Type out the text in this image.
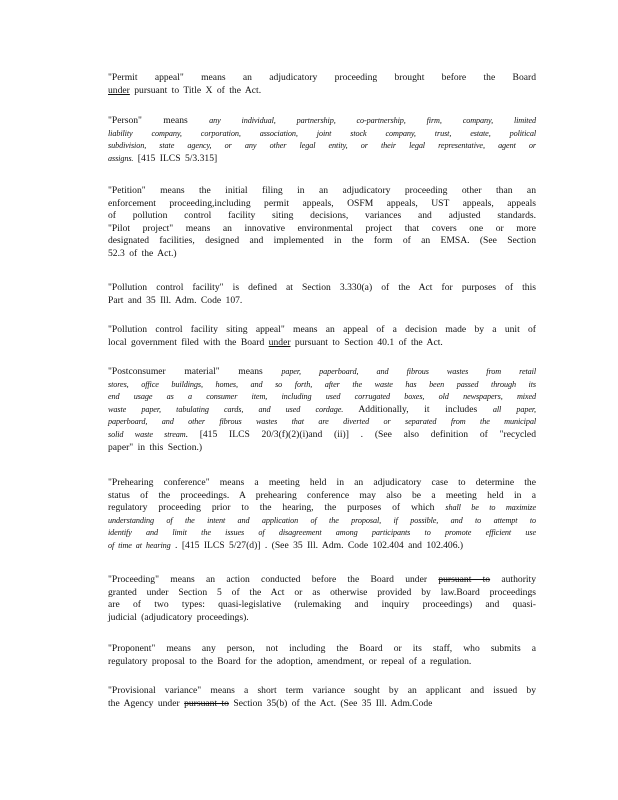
"Permit appeal" means an adjudicatory proceeding brought before the Board
under pursuant to Title X of the Act.
"Person" means any individual, partnership, co-partnership, firm, company, limited
liability company, corporation, association, joint stock company, trust, estate, political
subdivision, state agency, or any other legal entity, or their legal representative, agent or
assigns. [415 ILCS 5/3.315]
"Petition" means the initial filing in an adjudicatory proceeding other than an
enforcement proceeding,including permit appeals, OSFM appeals, UST appeals, appeals
of pollution control facility siting decisions, variances and adjusted standards.
"Pilot project" means an innovative environmental project that covers one or more
designated facilities, designed and implemented in the form of an EMSA. (See Section
52.3 of the Act.)
"Pollution control facility" is defined at Section 3.330(a) of the Act for purposes of this
Part and 35 Ill. Adm. Code 107.
"Pollution control facility siting appeal" means an appeal of a decision made by a unit of
local government filed with the Board under pursuant to Section 40.1 of the Act.
"Postconsumer material" means paper, paperboard, and fibrous wastes from retail
stores, office buildings, homes, and so forth, after the waste has been passed through its
end usage as a consumer item, including used corrugated boxes, old newspapers, mixed
waste paper, tabulating cards, and used cordage. Additionally, it includes all paper,
paperboard, and other fibrous wastes that are diverted or separated from the municipal
solid waste stream. [415 ILCS 20/3(f)(2)(i)and (ii)] . (See also definition of "recycled
paper" in this Section.)
"Prehearing conference" means a meeting held in an adjudicatory case to determine the
status of the proceedings. A prehearing conference may also be a meeting held in a
regulatory proceeding prior to the hearing, the purposes of which shall be to maximize
understanding of the intent and application of the proposal, if possible, and to attempt to
identify and limit the issues of disagreement among participants to promote efficient use
of time at hearing . [415 ILCS 5/27(d)] . (See 35 Ill. Adm. Code 102.404 and 102.406.)
"Proceeding" means an action conducted before the Board under pursuant to authority
granted under Section 5 of the Act or as otherwise provided by law.Board proceedings
are of two types: quasi-legislative (rulemaking and inquiry proceedings) and quasi-
judicial (adjudicatory proceedings).
"Proponent" means any person, not including the Board or its staff, who submits a
regulatory proposal to the Board for the adoption, amendment, or repeal of a regulation.
"Provisional variance" means a short term variance sought by an applicant and issued by
the Agency under pursuant to Section 35(b) of the Act. (See 35 Ill. Adm.Code
